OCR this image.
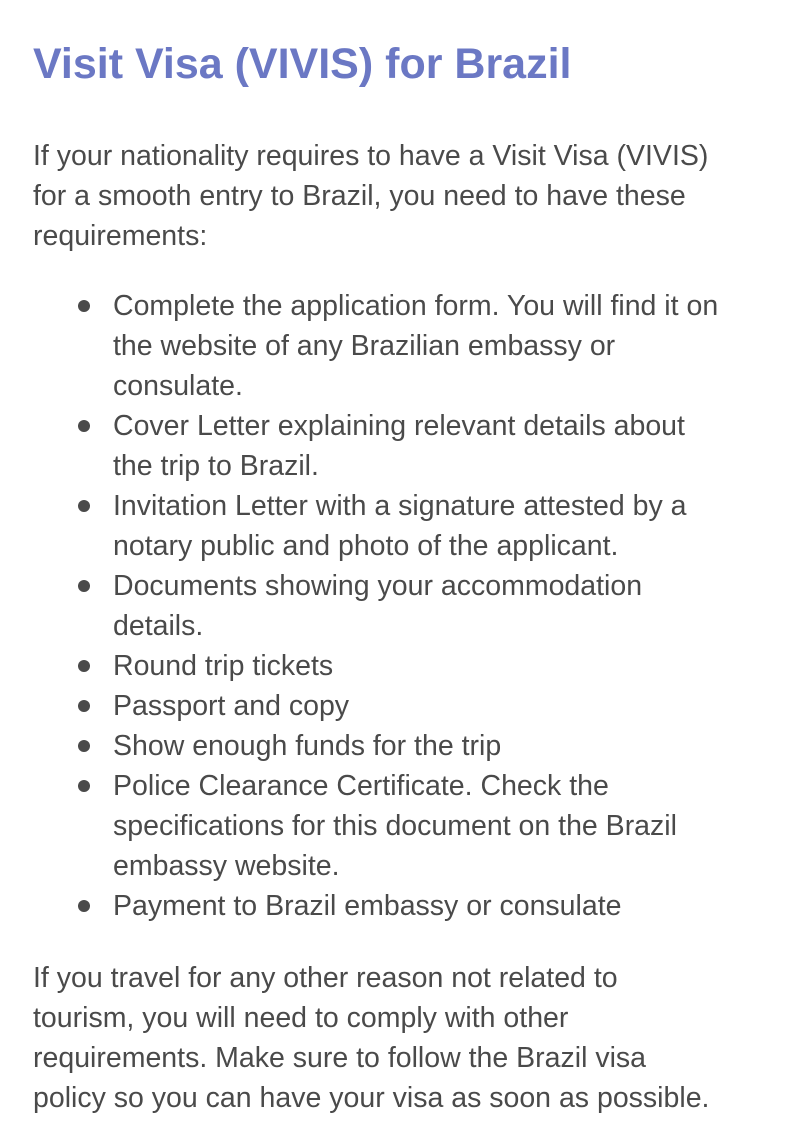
Visit Visa (VIVIS) for Brazil

If your nationality requires to have a Visit Visa (VIVIS)
for a smooth entry to Brazil, you need to have these
requirements:

Complete the application form. You will find it on
the website of any Brazilian embassy or
consulate.
Cover Letter explaining relevant details about
the trip to Brazil.
Invitation Letter with a signature attested by a
notary public and photo of the applicant.
Documents showing your accommodation
details.
Round trip tickets
Passport and copy
Show enough funds for the trip
Police Clearance Certificate. Check the
specifications for this document on the Brazil
embassy website.
Payment to Brazil embassy or consulate

If you travel for any other reason not related to
tourism, you will need to comply with other
requirements. Make sure to follow the Brazil visa
policy so you can have your visa as soon as possible.
